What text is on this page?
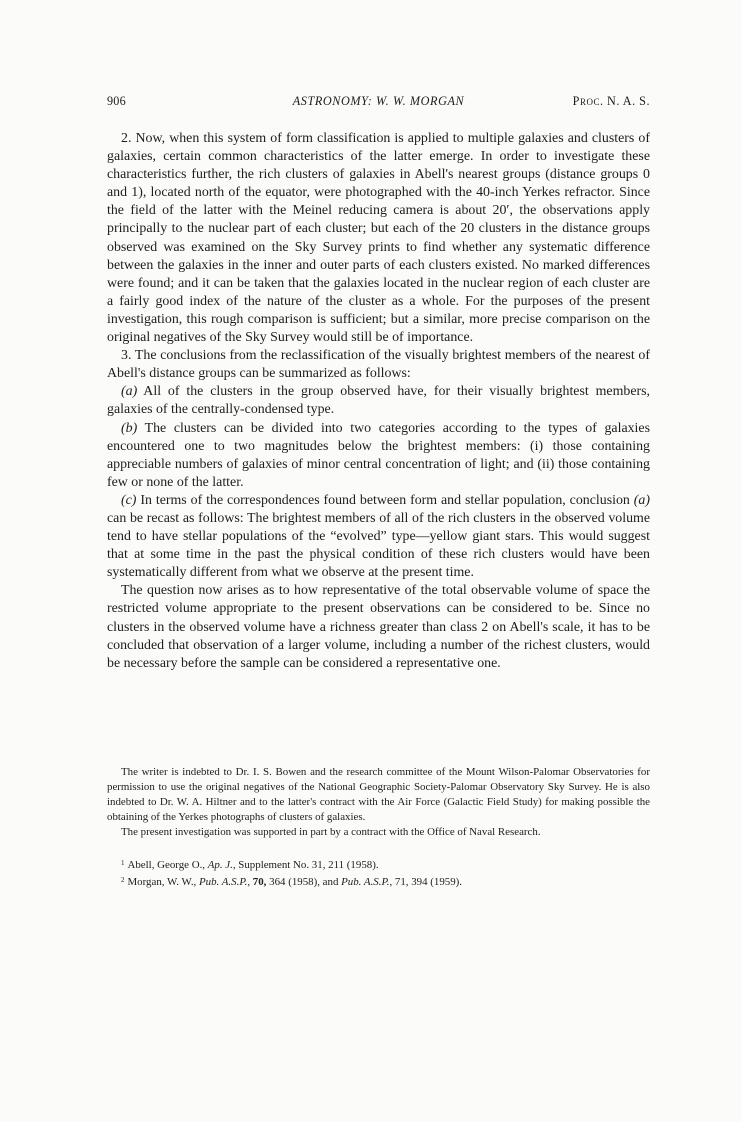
906	ASTRONOMY: W. W. MORGAN	Proc. N. A. S.

2. Now, when this system of form classification is applied to multiple galaxies and clusters of galaxies, certain common characteristics of the latter emerge. In order to investigate these characteristics further, the rich clusters of galaxies in Abell's nearest groups (distance groups 0 and 1), located north of the equator, were photographed with the 40-inch Yerkes refractor. Since the field of the latter with the Meinel reducing camera is about 20′, the observations apply principally to the nuclear part of each cluster; but each of the 20 clusters in the distance groups observed was examined on the Sky Survey prints to find whether any systematic difference between the galaxies in the inner and outer parts of each clusters existed. No marked differences were found; and it can be taken that the galaxies located in the nuclear region of each cluster are a fairly good index of the nature of the cluster as a whole. For the purposes of the present investigation, this rough comparison is sufficient; but a similar, more precise comparison on the original negatives of the Sky Survey would still be of importance.

3. The conclusions from the reclassification of the visually brightest members of the nearest of Abell's distance groups can be summarized as follows:

(a) All of the clusters in the group observed have, for their visually brightest members, galaxies of the centrally-condensed type.

(b) The clusters can be divided into two categories according to the types of galaxies encountered one to two magnitudes below the brightest members: (i) those containing appreciable numbers of galaxies of minor central concentration of light; and (ii) those containing few or none of the latter.

(c) In terms of the correspondences found between form and stellar population, conclusion (a) can be recast as follows: The brightest members of all of the rich clusters in the observed volume tend to have stellar populations of the “evolved” type—yellow giant stars. This would suggest that at some time in the past the physical condition of these rich clusters would have been systematically different from what we observe at the present time.

The question now arises as to how representative of the total observable volume of space the restricted volume appropriate to the present observations can be considered to be. Since no clusters in the observed volume have a richness greater than class 2 on Abell's scale, it has to be concluded that observation of a larger volume, including a number of the richest clusters, would be necessary before the sample can be considered a representative one.

The writer is indebted to Dr. I. S. Bowen and the research committee of the Mount Wilson-Palomar Observatories for permission to use the original negatives of the National Geographic Society-Palomar Observatory Sky Survey. He is also indebted to Dr. W. A. Hiltner and to the latter's contract with the Air Force (Galactic Field Study) for making possible the obtaining of the Yerkes photographs of clusters of galaxies.

The present investigation was supported in part by a contract with the Office of Naval Research.

$^1$ Abell, George O., Ap. J., Supplement No. 31, 211 (1958).

$^2$ Morgan, W. W., Pub. A.S.P., 70, 364 (1958), and Pub. A.S.P., 71, 394 (1959).
